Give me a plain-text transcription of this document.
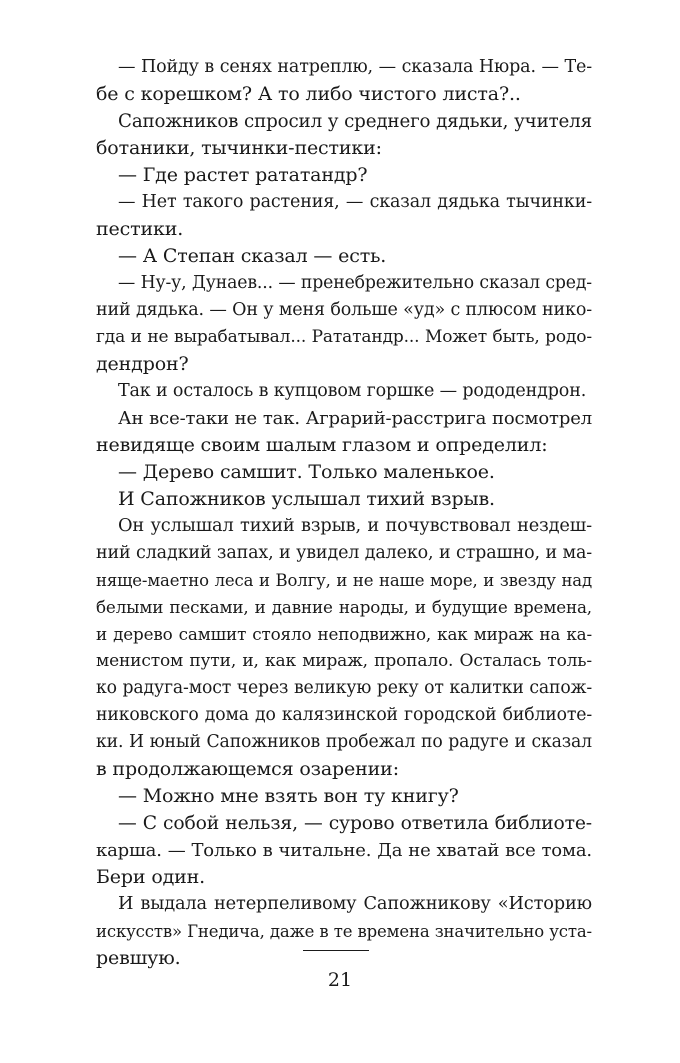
— Пойду в сенях натреплю, — сказала Нюра. — Те-
бе с корешком? А то либо чистого листа?..
Сапожников спросил у среднего дядьки, учителя
ботаники, тычинки-пестики:
— Где растет рататандр?
— Нет такого растения, — сказал дядька тычинки-
пестики.
— А Степан сказал — есть.
— Ну-у, Дунаев... — пренебрежительно сказал сред-
ний дядька. — Он у меня больше «уд» с плюсом нико-
гда и не вырабатывал... Рататандр... Может быть, родо-
дендрон?
Так и осталось в купцовом горшке — рододендрон.
Ан все-таки не так. Аграрий-расстрига посмотрел
невидяще своим шалым глазом и определил:
— Дерево самшит. Только маленькое.
И Сапожников услышал тихий взрыв.
Он услышал тихий взрыв, и почувствовал нездеш-
ний сладкий запах, и увидел далеко, и страшно, и ма-
няще-маетно леса и Волгу, и не наше море, и звезду над
белыми песками, и давние народы, и будущие времена,
и дерево самшит стояло неподвижно, как мираж на ка-
менистом пути, и, как мираж, пропало. Осталась толь-
ко радуга-мост через великую реку от калитки сапож-
никовского дома до калязинской городской библиоте-
ки. И юный Сапожников пробежал по радуге и сказал
в продолжающемся озарении:
— Можно мне взять вон ту книгу?
— С собой нельзя, — сурово ответила библиоте-
карша. — Только в читальне. Да не хватай все тома.
Бери один.
И выдала нетерпеливому Сапожникову «Историю
искусств» Гнедича, даже в те времена значительно уста-
ревшую.
21
